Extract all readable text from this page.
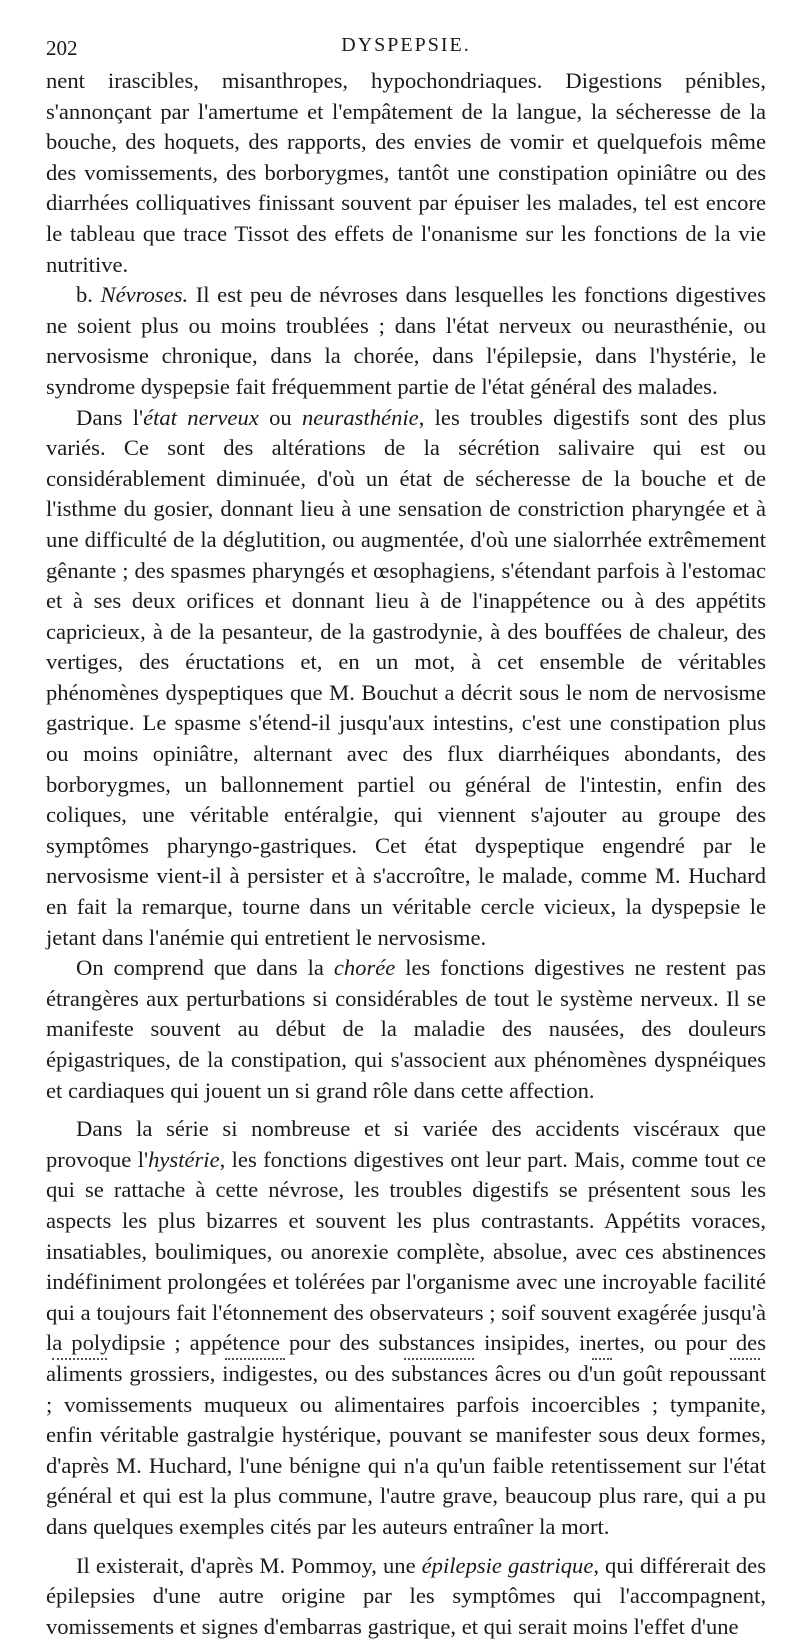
202	DYSPEPSIE.

nent irascibles, misanthropes, hypochondriaques. Digestions pénibles, s'annonçant par l'amertume et l'empâtement de la langue, la sécheresse de la bouche, des hoquets, des rapports, des envies de vomir et quelquefois même des vomissements, des borborygmes, tantôt une constipation opiniâtre ou des diarrhées colliquatives finissant souvent par épuiser les malades, tel est encore le tableau que trace Tissot des effets de l'onanisme sur les fonctions de la vie nutritive.

b. Névroses. Il est peu de névroses dans lesquelles les fonctions digestives ne soient plus ou moins troublées ; dans l'état nerveux ou neurasthénie, ou nervosisme chronique, dans la chorée, dans l'épilepsie, dans l'hystérie, le syndrome dyspepsie fait fréquemment partie de l'état général des malades.

Dans l'état nerveux ou neurasthénie, les troubles digestifs sont des plus variés. Ce sont des altérations de la sécrétion salivaire qui est ou considérablement diminuée, d'où un état de sécheresse de la bouche et de l'isthme du gosier, donnant lieu à une sensation de constriction pharyngée et à une difficulté de la déglutition, ou augmentée, d'où une sialorrhée extrêmement gênante ; des spasmes pharyngés et œsophagiens, s'étendant parfois à l'estomac et à ses deux orifices et donnant lieu à de l'inappétence ou à des appétits capricieux, à de la pesanteur, de la gastrodynie, à des bouffées de chaleur, des vertiges, des éructations et, en un mot, à cet ensemble de véritables phénomènes dyspeptiques que M. Bouchut a décrit sous le nom de nervosisme gastrique. Le spasme s'étend-il jusqu'aux intestins, c'est une constipation plus ou moins opiniâtre, alternant avec des flux diarrhéiques abondants, des borborygmes, un ballonnement partiel ou général de l'intestin, enfin des coliques, une véritable entéralgie, qui viennent s'ajouter au groupe des symptômes pharyngo-gastriques. Cet état dyspeptique engendré par le nervosisme vient-il à persister et à s'accroître, le malade, comme M. Huchard en fait la remarque, tourne dans un véritable cercle vicieux, la dyspepsie le jetant dans l'anémie qui entretient le nervosisme.

On comprend que dans la chorée les fonctions digestives ne restent pas étrangères aux perturbations si considérables de tout le système nerveux. Il se manifeste souvent au début de la maladie des nausées, des douleurs épigastriques, de la constipation, qui s'associent aux phénomènes dyspnéiques et cardiaques qui jouent un si grand rôle dans cette affection.

Dans la série si nombreuse et si variée des accidents viscéraux que provoque l'hystérie, les fonctions digestives ont leur part. Mais, comme tout ce qui se rattache à cette névrose, les troubles digestifs se présentent sous les aspects les plus bizarres et souvent les plus contrastants. Appétits voraces, insatiables, boulimiques, ou anorexie complète, absolue, avec ces abstinences indéfiniment prolongées et tolérées par l'organisme avec une incroyable facilité qui a toujours fait l'étonnement des observateurs ; soif souvent exagérée jusqu'à la polydipsie ; appétence pour des substances insipides, inertes, ou pour des aliments grossiers, indigestes, ou des substances âcres ou d'un goût repoussant ; vomissements muqueux ou alimentaires parfois incoercibles ; tympanite, enfin véritable gastralgie hystérique, pouvant se manifester sous deux formes, d'après M. Huchard, l'une bénigne qui n'a qu'un faible retentissement sur l'état général et qui est la plus commune, l'autre grave, beaucoup plus rare, qui a pu dans quelques exemples cités par les auteurs entraîner la mort.

Il existerait, d'après M. Pommoy, une épilepsie gastrique, qui différerait des épilepsies d'une autre origine par les symptômes qui l'accompagnent, vomissements et signes d'embarras gastrique, et qui serait moins l'effet d'une
